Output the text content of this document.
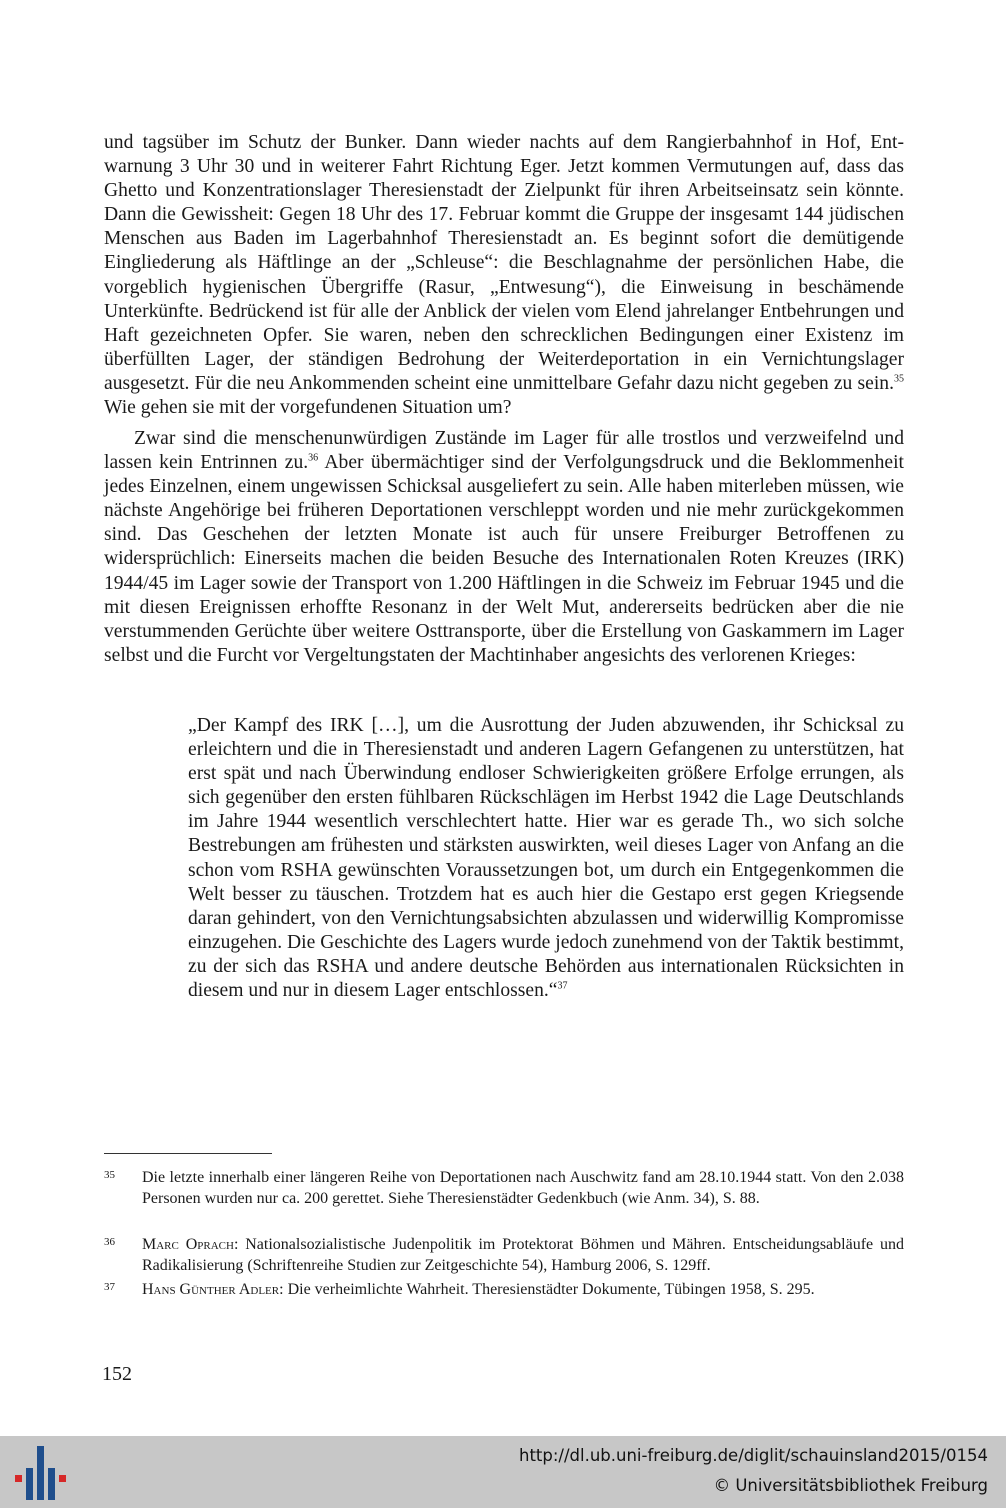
und tagsüber im Schutz der Bunker. Dann wieder nachts auf dem Rangierbahnhof in Hof, Entwarnung 3 Uhr 30 und in weiterer Fahrt Richtung Eger. Jetzt kommen Vermutungen auf, dass das Ghetto und Konzentrationslager Theresienstadt der Zielpunkt für ihren Arbeitseinsatz sein könnte. Dann die Gewissheit: Gegen 18 Uhr des 17. Februar kommt die Gruppe der insgesamt 144 jüdischen Menschen aus Baden im Lagerbahnhof Theresienstadt an. Es beginnt sofort die demütigende Eingliederung als Häftlinge an der „Schleuse“: die Beschlagnahme der persönlichen Habe, die vorgeblich hygienischen Übergriffe (Rasur, „Entwesung“), die Einweisung in beschämende Unterkünfte. Bedrückend ist für alle der Anblick der vielen vom Elend jahrelanger Entbehrungen und Haft gezeichneten Opfer. Sie waren, neben den schrecklichen Bedingungen einer Existenz im überfüllten Lager, der ständigen Bedrohung der Weiterdeportation in ein Vernichtungslager ausgesetzt. Für die neu Ankommenden scheint eine unmittelbare Gefahr dazu nicht gegeben zu sein.$^{35}$ Wie gehen sie mit der vorgefundenen Situation um?

Zwar sind die menschenunwürdigen Zustände im Lager für alle trostlos und verzweifelnd und lassen kein Entrinnen zu.$^{36}$ Aber übermächtiger sind der Verfolgungsdruck und die Beklommenheit jedes Einzelnen, einem ungewissen Schicksal ausgeliefert zu sein. Alle haben miterleben müssen, wie nächste Angehörige bei früheren Deportationen verschleppt worden und nie mehr zurückgekommen sind. Das Geschehen der letzten Monate ist auch für unsere Freiburger Betroffenen zu widersprüchlich: Einerseits machen die beiden Besuche des Internationalen Roten Kreuzes (IRK) 1944/45 im Lager sowie der Transport von 1.200 Häftlingen in die Schweiz im Februar 1945 und die mit diesen Ereignissen erhoffte Resonanz in der Welt Mut, andererseits bedrücken aber die nie verstummenden Gerüchte über weitere Osttransporte, über die Erstellung von Gaskammern im Lager selbst und die Furcht vor Vergeltungstaten der Machtinhaber angesichts des verlorenen Krieges:

„Der Kampf des IRK […], um die Ausrottung der Juden abzuwenden, ihr Schicksal zu erleichtern und die in Theresienstadt und anderen Lagern Gefangenen zu unterstützen, hat erst spät und nach Überwindung endloser Schwierigkeiten größere Erfolge errungen, als sich gegenüber den ersten fühlbaren Rückschlägen im Herbst 1942 die Lage Deutschlands im Jahre 1944 wesentlich verschlechtert hatte. Hier war es gerade Th., wo sich solche Bestrebungen am frühesten und stärksten auswirkten, weil dieses Lager von Anfang an die schon vom RSHA gewünschten Voraussetzungen bot, um durch ein Entgegenkommen die Welt besser zu täuschen. Trotzdem hat es auch hier die Gestapo erst gegen Kriegsende daran gehindert, von den Vernichtungsabsichten abzulassen und widerwillig Kompromisse einzugehen. Die Geschichte des Lagers wurde jedoch zunehmend von der Taktik bestimmt, zu der sich das RSHA und andere deutsche Behörden aus internationalen Rücksichten in diesem und nur in diesem Lager entschlossen.“$^{37}$

35 Die letzte innerhalb einer längeren Reihe von Deportationen nach Auschwitz fand am 28.10.1944 statt. Von den 2.038 Personen wurden nur ca. 200 gerettet. Siehe Theresienstädter Gedenkbuch (wie Anm. 34), S. 88.

36 Marc Oprach: Nationalsozialistische Judenpolitik im Protektorat Böhmen und Mähren. Entscheidungsabläufe und Radikalisierung (Schriftenreihe Studien zur Zeitgeschichte 54), Hamburg 2006, S. 129ff.

37 Hans Günther Adler: Die verheimlichte Wahrheit. Theresienstädter Dokumente, Tübingen 1958, S. 295.

152
http://dl.ub.uni-freiburg.de/diglit/schauinsland2015/0154
© Universitätsbibliothek Freiburg
